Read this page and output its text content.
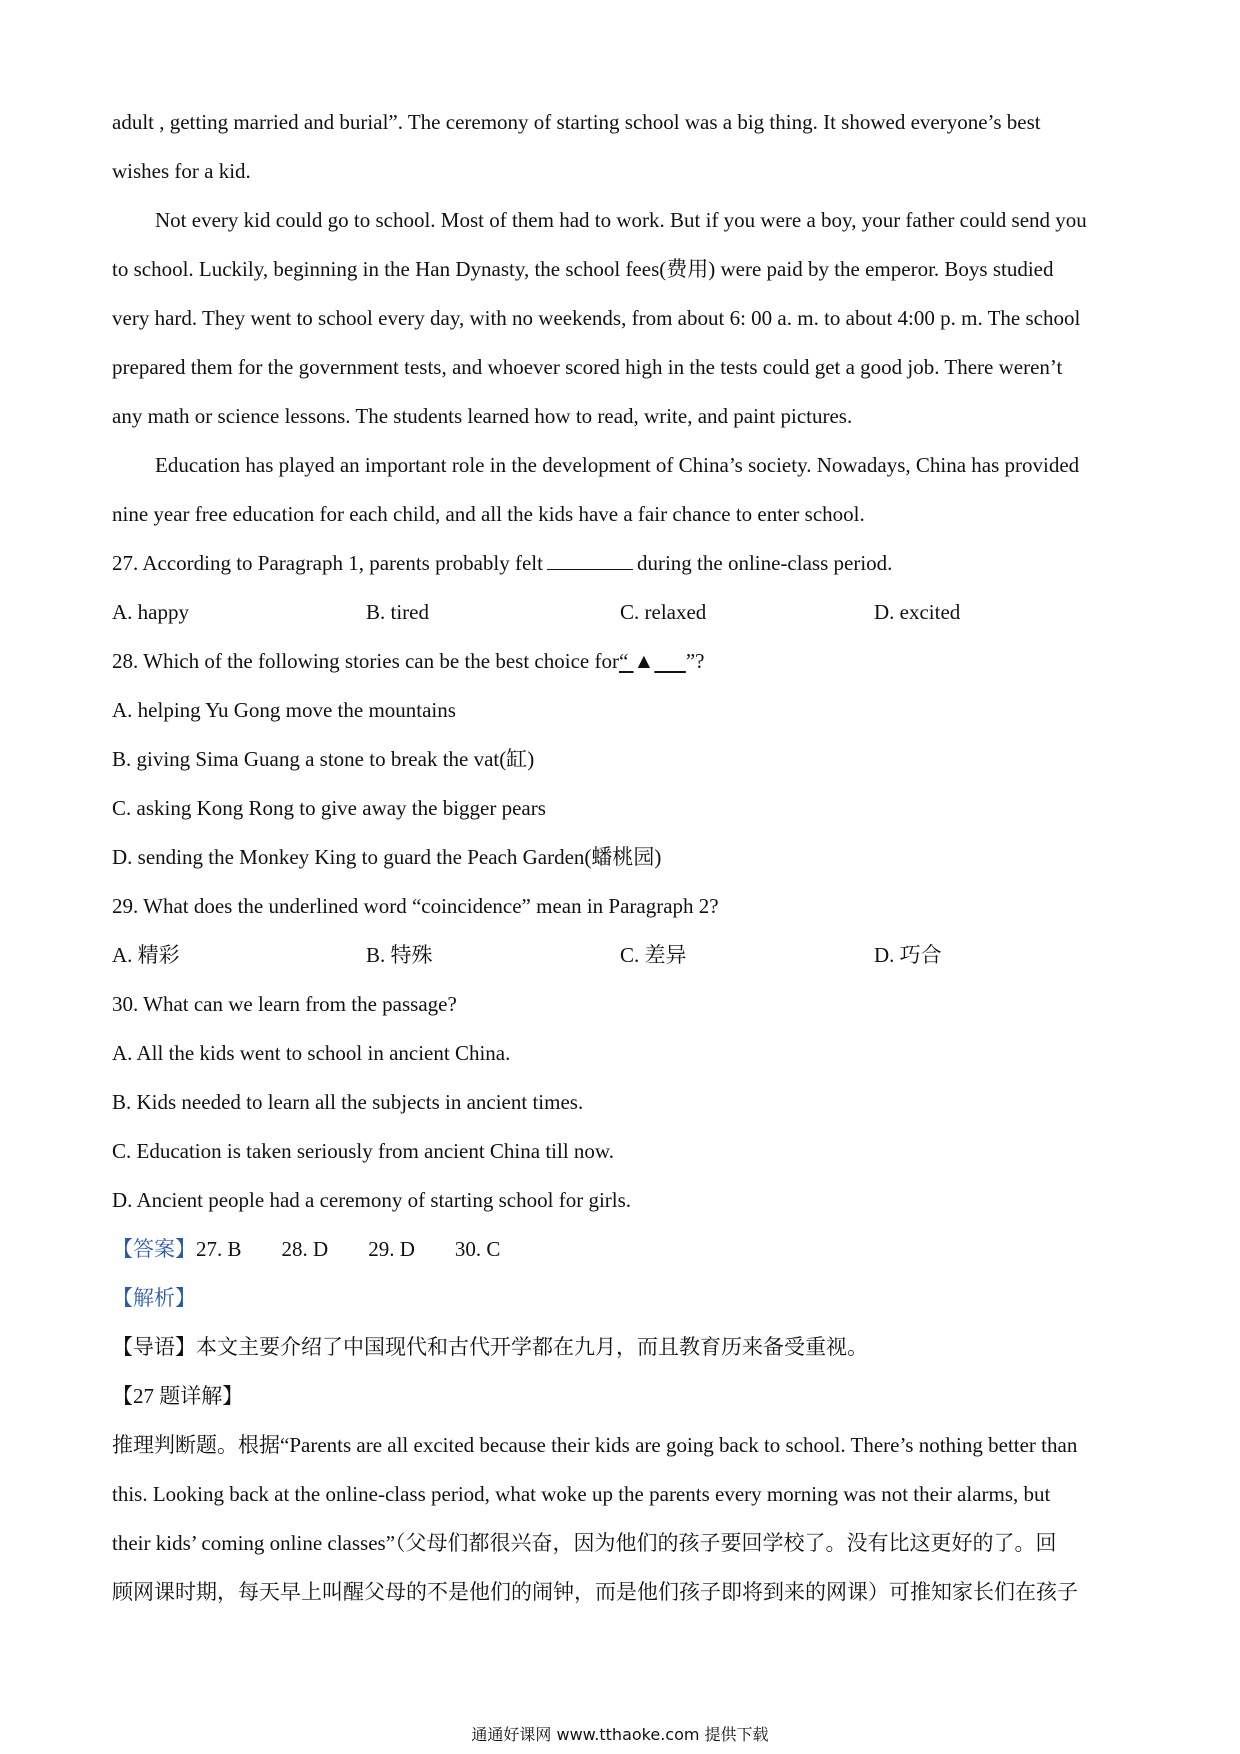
adult , getting married and burial”. The ceremony of starting school was a big thing. It showed everyone’s best

wishes for a kid.

Not every kid could go to school. Most of them had to work. But if you were a boy, your father could send you

to school. Luckily, beginning in the Han Dynasty, the school fees(费用) were paid by the emperor. Boys studied

very hard. They went to school every day, with no weekends, from about 6: 00 a. m. to about 4:00 p. m. The school

prepared them for the government tests, and whoever scored high in the tests could get a good job. There weren’t

any math or science lessons. The students learned how to read, write, and paint pictures.

Education has played an important role in the development of China’s society. Nowadays, China has provided

nine year free education for each child, and all the kids have a fair chance to enter school.

27. According to Paragraph 1, parents probably felt	during the online-class period.

A. happy	B. tired	C. relaxed	D. excited

28. Which of the following stories can be the best choice for“ ▲ ”?

A. helping Yu Gong move the mountains

B. giving Sima Guang a stone to break the vat(缸)

C. asking Kong Rong to give away the bigger pears

D. sending the Monkey King to guard the Peach Garden(蟠桃园)

29. What does the underlined word “coincidence” mean in Paragraph 2?

A. 精彩	B. 特殊	C. 差异	D. 巧合

30. What can we learn from the passage?

A. All the kids went to school in ancient China.

B. Kids needed to learn all the subjects in ancient times.

C. Education is taken seriously from ancient China till now.

D. Ancient people had a ceremony of starting school for girls.

【答案】27. B 28. D 29. D 30. C

【解析】

【导语】本文主要介绍了中国现代和古代开学都在九月，而且教育历来备受重视。

【27 题详解】

推理判断题。根据“Parents are all excited because their kids are going back to school. There’s nothing better than

this. Looking back at the online-class period, what woke up the parents every morning was not their alarms, but

their kids’ coming online classes”（父母们都很兴奋，因为他们的孩子要回学校了。没有比这更好的了。回

顾网课时期，每天早上叫醒父母的不是他们的闹钟，而是他们孩子即将到来的网课）可推知家长们在孩子

通通好课网 www.tthaoke.com 提供下载
